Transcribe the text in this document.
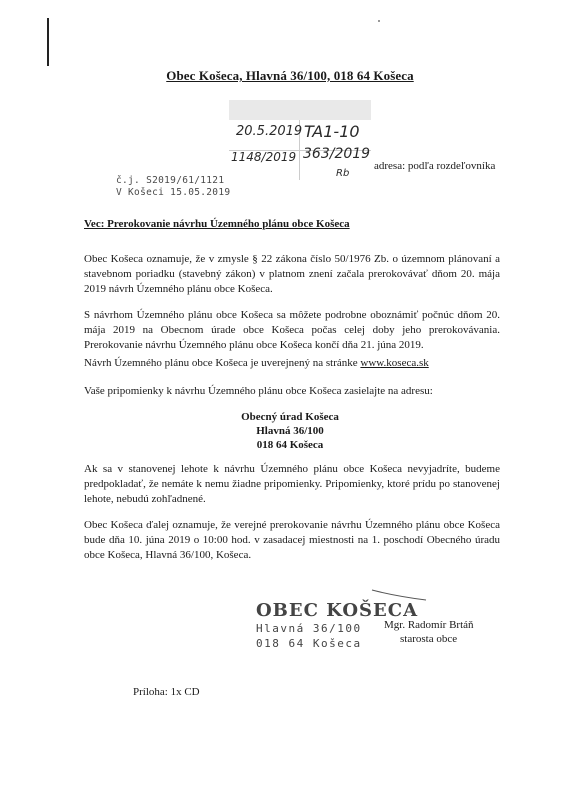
Obec Košeca, Hlavná 36/100, 018 64 Košeca
20.5.2019 TA1-10
1148/2019 363/2019
Rb
adresa: podľa rozdeľovníka
č.j. S2019/61/1121
V Košeci 15.05.2019
Vec: Prerokovanie návrhu Územného plánu obce Košeca

Obec Košeca oznamuje, že v zmysle § 22 zákona číslo 50/1976 Zb. o územnom plánovaní a stavebnom poriadku (stavebný zákon) v platnom znení začala prerokovávať dňom 20. mája 2019 návrh Územného plánu obce Košeca.

S návrhom Územného plánu obce Košeca sa môžete podrobne oboznámiť počnúc dňom 20. mája 2019 na Obecnom úrade obce Košeca počas celej doby jeho prerokovávania. Prerokovanie návrhu Územného plánu obce Košeca končí dňa 21. júna 2019.

Návrh Územného plánu obce Košeca je uverejnený na stránke www.koseca.sk

Vaše pripomienky k návrhu Územného plánu obce Košeca zasielajte na adresu:

Obecný úrad Košeca
Hlavná 36/100
018 64 Košeca

Ak sa v stanovenej lehote k návrhu Územného plánu obce Košeca nevyjadríte, budeme predpokladať, že nemáte k nemu žiadne pripomienky. Pripomienky, ktoré prídu po stanovenej lehote, nebudú zohľadnené.

Obec Košeca ďalej oznamuje, že verejné prerokovanie návrhu Územného plánu obce Košeca bude dňa 10. júna 2019 o 10:00 hod. v zasadacej miestnosti na 1. poschodí Obecného úradu obce Košeca, Hlavná 36/100, Košeca.

OBEC KOŠECA
Hlavná 36/100
018 64 Košeca
Mgr. Radomír Brtáň

starosta obce
Príloha: 1x CD
